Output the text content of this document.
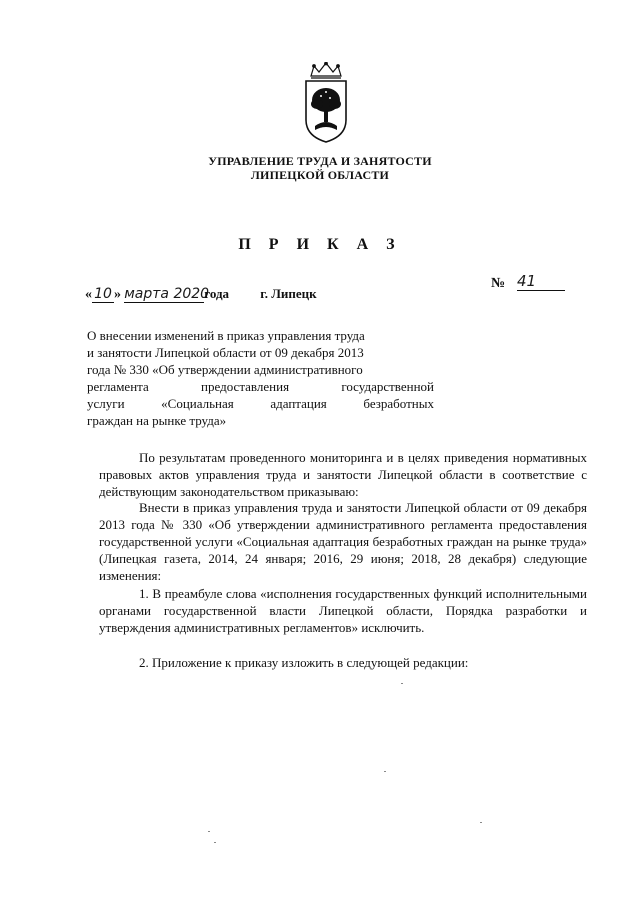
УПРАВЛЕНИЕ ТРУДА И ЗАНЯТОСТИ
ЛИПЕЦКОЙ ОБЛАСТИ
П Р И К А З
№ 41
« 10 » марта 2020года г. Липецк
О внесении изменений в приказ управления труда
и занятости Липецкой области от 09 декабря 2013
года № 330 «Об утверждении административного
регламента предоставления государственной
услуги «Социальная адаптация безработных
граждан на рынке труда»

По результатам проведенного мониторинга и в целях приведения нормативных правовых актов управления труда и занятости Липецкой области в соответствие с действующим законодательством приказываю:

Внести в приказ управления труда и занятости Липецкой области от 09 декабря 2013 года № 330 «Об утверждении административного регламента предоставления государственной услуги «Социальная адаптация безработных граждан на рынке труда» (Липецкая газета, 2014, 24 января; 2016, 29 июня; 2018, 28 декабря) следующие изменения:

1. В преамбуле слова «исполнения государственных функций исполнительными органами государственной власти Липецкой области, Порядка разработки и утверждения административных регламентов» исключить.

2. Приложение к приказу изложить в следующей редакции:
